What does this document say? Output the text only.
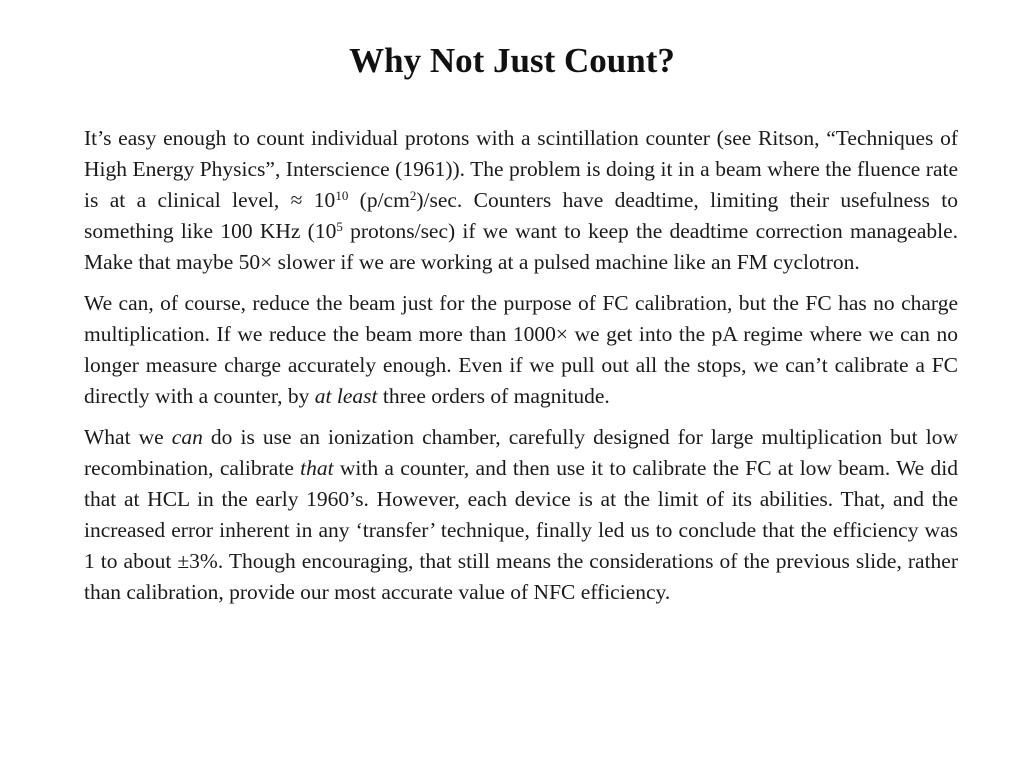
Why Not Just Count?

It’s easy enough to count individual protons with a scintillation counter (see Ritson, “Techniques of High Energy Physics”, Interscience (1961)). The problem is doing it in a beam where the fluence rate is at a clinical level, ≈ $10^{10}$ $(p/cm^2)/\sec$. Counters have deadtime, limiting their usefulness to something like 100 KHz ($10^5$ protons/sec) if we want to keep the deadtime correction manageable. Make that maybe 50× slower if we are working at a pulsed machine like an FM cyclotron.

We can, of course, reduce the beam just for the purpose of FC calibration, but the FC has no charge multiplication. If we reduce the beam more than 1000× we get into the pA regime where we can no longer measure charge accurately enough. Even if we pull out all the stops, we can’t calibrate a FC directly with a counter, by at least three orders of magnitude.

What we can do is use an ionization chamber, carefully designed for large multiplication but low recombination, calibrate that with a counter, and then use it to calibrate the FC at low beam. We did that at HCL in the early 1960’s. However, each device is at the limit of its abilities. That, and the increased error inherent in any ‘transfer’ technique, finally led us to conclude that the efficiency was 1 to about ±3%. Though encouraging, that still means the considerations of the previous slide, rather than calibration, provide our most accurate value of NFC efficiency.
